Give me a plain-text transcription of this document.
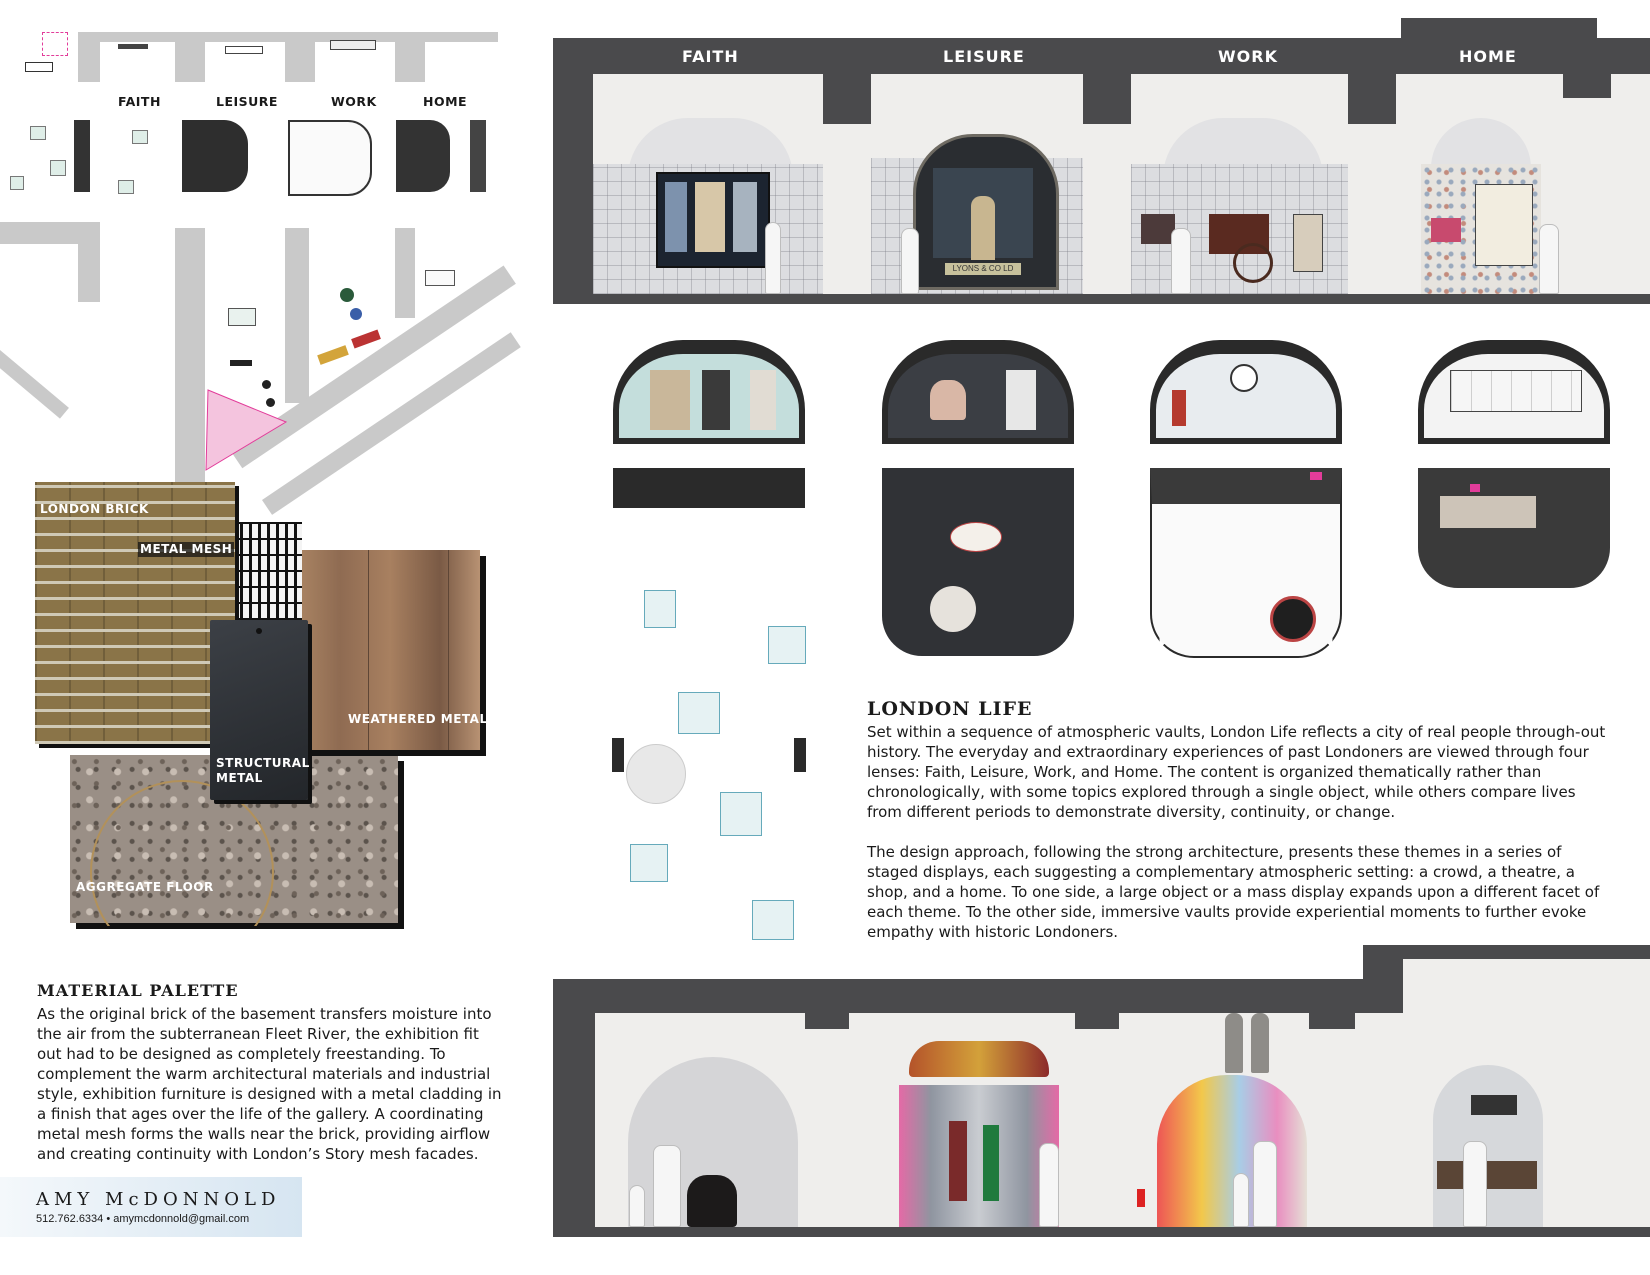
FAITH	LEISURE	WORK	HOME
AGGREGATE FLOOR
WEATHERED METAL
LONDON BRICK
METAL MESH
STRUCTURAL METAL
MATERIAL PALETTE

As the original brick of the basement transfers moisture into the air from the subterranean Fleet River, the exhibition fit out had to be designed as completely freestanding. To complement the warm architectural materials and industrial style, exhibition furniture is designed with a metal cladding in a finish that ages over the life of the gallery. A coordinating metal mesh forms the walls near the brick, providing airflow and creating continuity with London’s Story mesh facades.

AMY McDONNOLD
512.762.6334 • amymcdonnold@gmail.com
FAITH	LEISURE	WORK	HOME
LYONS & CO LD
FAITH & IDENTITY	ENTERTAINMENT	WORK	HOME
LONDON LIFE

Set within a sequence of atmospheric vaults, London Life reflects a city of real people through-out history. The everyday and extraordinary experiences of past Londoners are viewed through four lenses: Faith, Leisure, Work, and Home. The content is organized thematically rather than chronologically, with some topics explored through a single object, while others compare lives from different periods to demonstrate diversity, continuity, or change.

The design approach, following the strong architecture, presents these themes in a series of staged displays, each suggesting a complementary atmospheric setting: a crowd, a theatre, a shop, and a home. To one side, a large object or a mass display expands upon a different facet of each theme. To the other side, immersive vaults provide experiential moments to further evoke empathy with historic Londoners.
